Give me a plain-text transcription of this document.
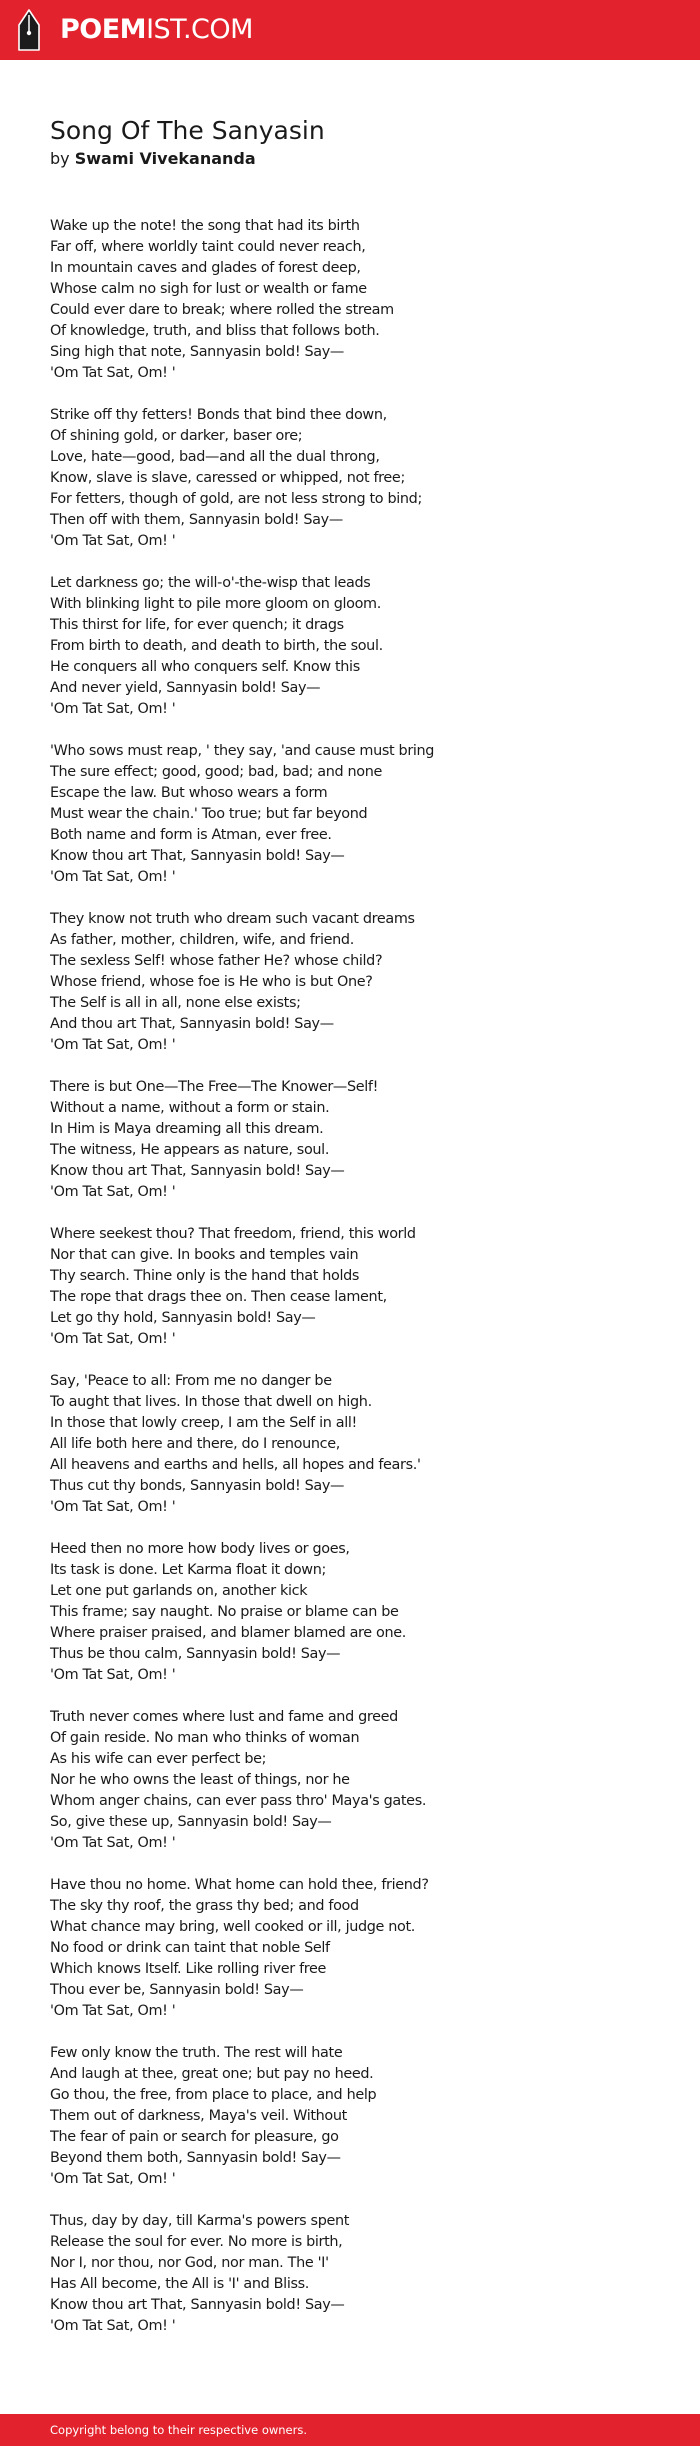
POEMIST.COM
Song Of The Sanyasin
by Swami Vivekananda
Wake up the note! the song that had its birth
Far off, where worldly taint could never reach,
In mountain caves and glades of forest deep,
Whose calm no sigh for lust or wealth or fame
Could ever dare to break; where rolled the stream
Of knowledge, truth, and bliss that follows both.
Sing high that note, Sannyasin bold! Say—
'Om Tat Sat, Om! '
Strike off thy fetters! Bonds that bind thee down,
Of shining gold, or darker, baser ore;
Love, hate—good, bad—and all the dual throng,
Know, slave is slave, caressed or whipped, not free;
For fetters, though of gold, are not less strong to bind;
Then off with them, Sannyasin bold! Say—
'Om Tat Sat, Om! '
Let darkness go; the will-o'-the-wisp that leads
With blinking light to pile more gloom on gloom.
This thirst for life, for ever quench; it drags
From birth to death, and death to birth, the soul.
He conquers all who conquers self. Know this
And never yield, Sannyasin bold! Say—
'Om Tat Sat, Om! '
'Who sows must reap, ' they say, 'and cause must bring
The sure effect; good, good; bad, bad; and none
Escape the law. But whoso wears a form
Must wear the chain.' Too true; but far beyond
Both name and form is Atman, ever free.
Know thou art That, Sannyasin bold! Say—
'Om Tat Sat, Om! '
They know not truth who dream such vacant dreams
As father, mother, children, wife, and friend.
The sexless Self! whose father He? whose child?
Whose friend, whose foe is He who is but One?
The Self is all in all, none else exists;
And thou art That, Sannyasin bold! Say—
'Om Tat Sat, Om! '
There is but One—The Free—The Knower—Self!
Without a name, without a form or stain.
In Him is Maya dreaming all this dream.
The witness, He appears as nature, soul.
Know thou art That, Sannyasin bold! Say—
'Om Tat Sat, Om! '
Where seekest thou? That freedom, friend, this world
Nor that can give. In books and temples vain
Thy search. Thine only is the hand that holds
The rope that drags thee on. Then cease lament,
Let go thy hold, Sannyasin bold! Say—
'Om Tat Sat, Om! '
Say, 'Peace to all: From me no danger be
To aught that lives. In those that dwell on high.
In those that lowly creep, I am the Self in all!
All life both here and there, do I renounce,
All heavens and earths and hells, all hopes and fears.'
Thus cut thy bonds, Sannyasin bold! Say—
'Om Tat Sat, Om! '
Heed then no more how body lives or goes,
Its task is done. Let Karma float it down;
Let one put garlands on, another kick
This frame; say naught. No praise or blame can be
Where praiser praised, and blamer blamed are one.
Thus be thou calm, Sannyasin bold! Say—
'Om Tat Sat, Om! '
Truth never comes where lust and fame and greed
Of gain reside. No man who thinks of woman
As his wife can ever perfect be;
Nor he who owns the least of things, nor he
Whom anger chains, can ever pass thro' Maya's gates.
So, give these up, Sannyasin bold! Say—
'Om Tat Sat, Om! '
Have thou no home. What home can hold thee, friend?
The sky thy roof, the grass thy bed; and food
What chance may bring, well cooked or ill, judge not.
No food or drink can taint that noble Self
Which knows Itself. Like rolling river free
Thou ever be, Sannyasin bold! Say—
'Om Tat Sat, Om! '
Few only know the truth. The rest will hate
And laugh at thee, great one; but pay no heed.
Go thou, the free, from place to place, and help
Them out of darkness, Maya's veil. Without
The fear of pain or search for pleasure, go
Beyond them both, Sannyasin bold! Say—
'Om Tat Sat, Om! '
Thus, day by day, till Karma's powers spent
Release the soul for ever. No more is birth,
Nor I, nor thou, nor God, nor man. The 'I'
Has All become, the All is 'I' and Bliss.
Know thou art That, Sannyasin bold! Say—
'Om Tat Sat, Om! '
Copyright belong to their respective owners.
